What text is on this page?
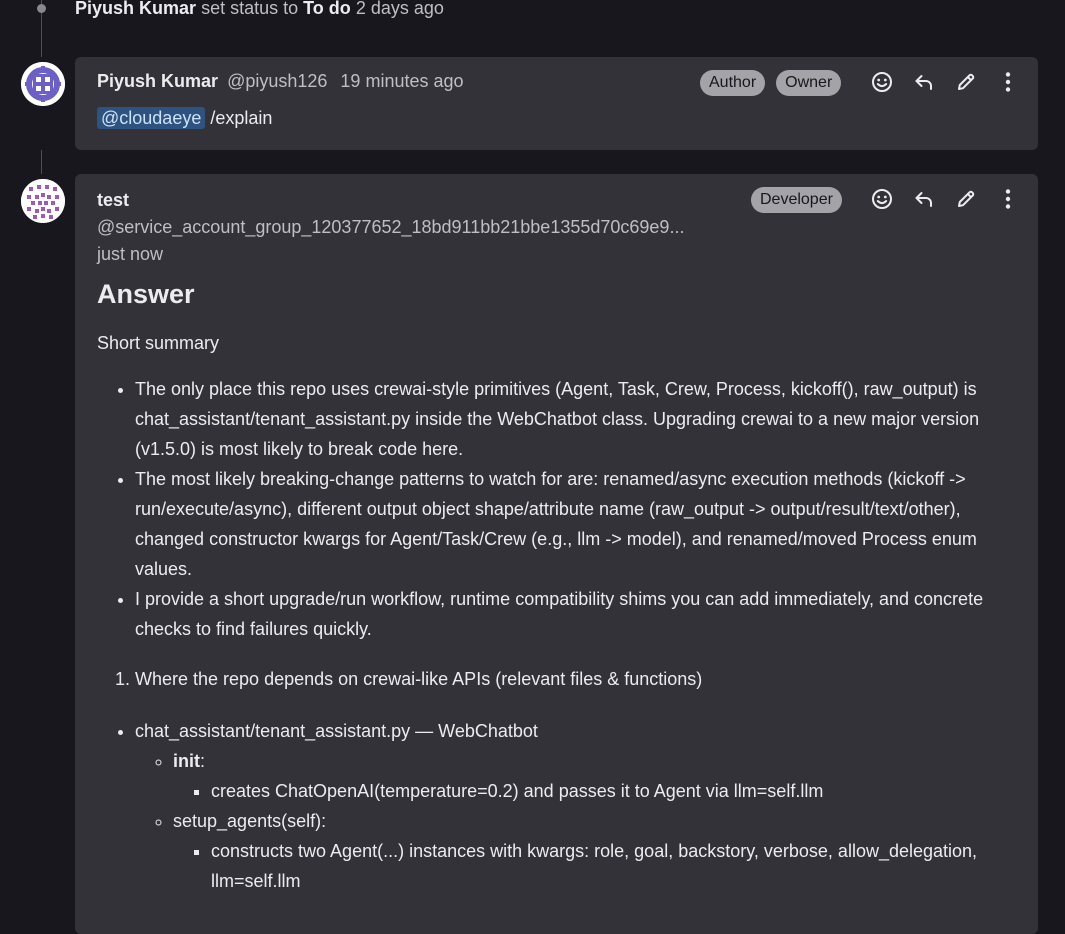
Piyush Kumar set status to To do 2 days ago
Piyush Kumar @piyush126 19 minutes ago	Author	Owner
@cloudaeye /explain
test
@service_account_group_120377652_18bd911bb21bbe1355d70c69e9...
just now
Developer
Answer

Short summary

• The only place this repo uses crewai-style primitives (Agent, Task, Crew, Process, kickoff(), raw_output) is chat_assistant/tenant_assistant.py inside the WebChatbot class. Upgrading crewai to a new major version (v1.5.0) is most likely to break code here.
• The most likely breaking-change patterns to watch for are: renamed/async execution methods (kickoff -> run/execute/async), different output object shape/attribute name (raw_output -> output/result/text/other), changed constructor kwargs for Agent/Task/Crew (e.g., llm -> model), and renamed/moved Process enum values.
• I provide a short upgrade/run workflow, runtime compatibility shims you can add immediately, and concrete checks to find failures quickly.
1. Where the repo depends on crewai-like APIs (relevant files & functions)
• chat_assistant/tenant_assistant.py — WebChatbot
◦ init:
▪ creates ChatOpenAI(temperature=0.2) and passes it to Agent via llm=self.llm
◦ setup_agents(self):
▪ constructs two Agent(...) instances with kwargs: role, goal, backstory, verbose, allow_delegation, llm=self.llm
